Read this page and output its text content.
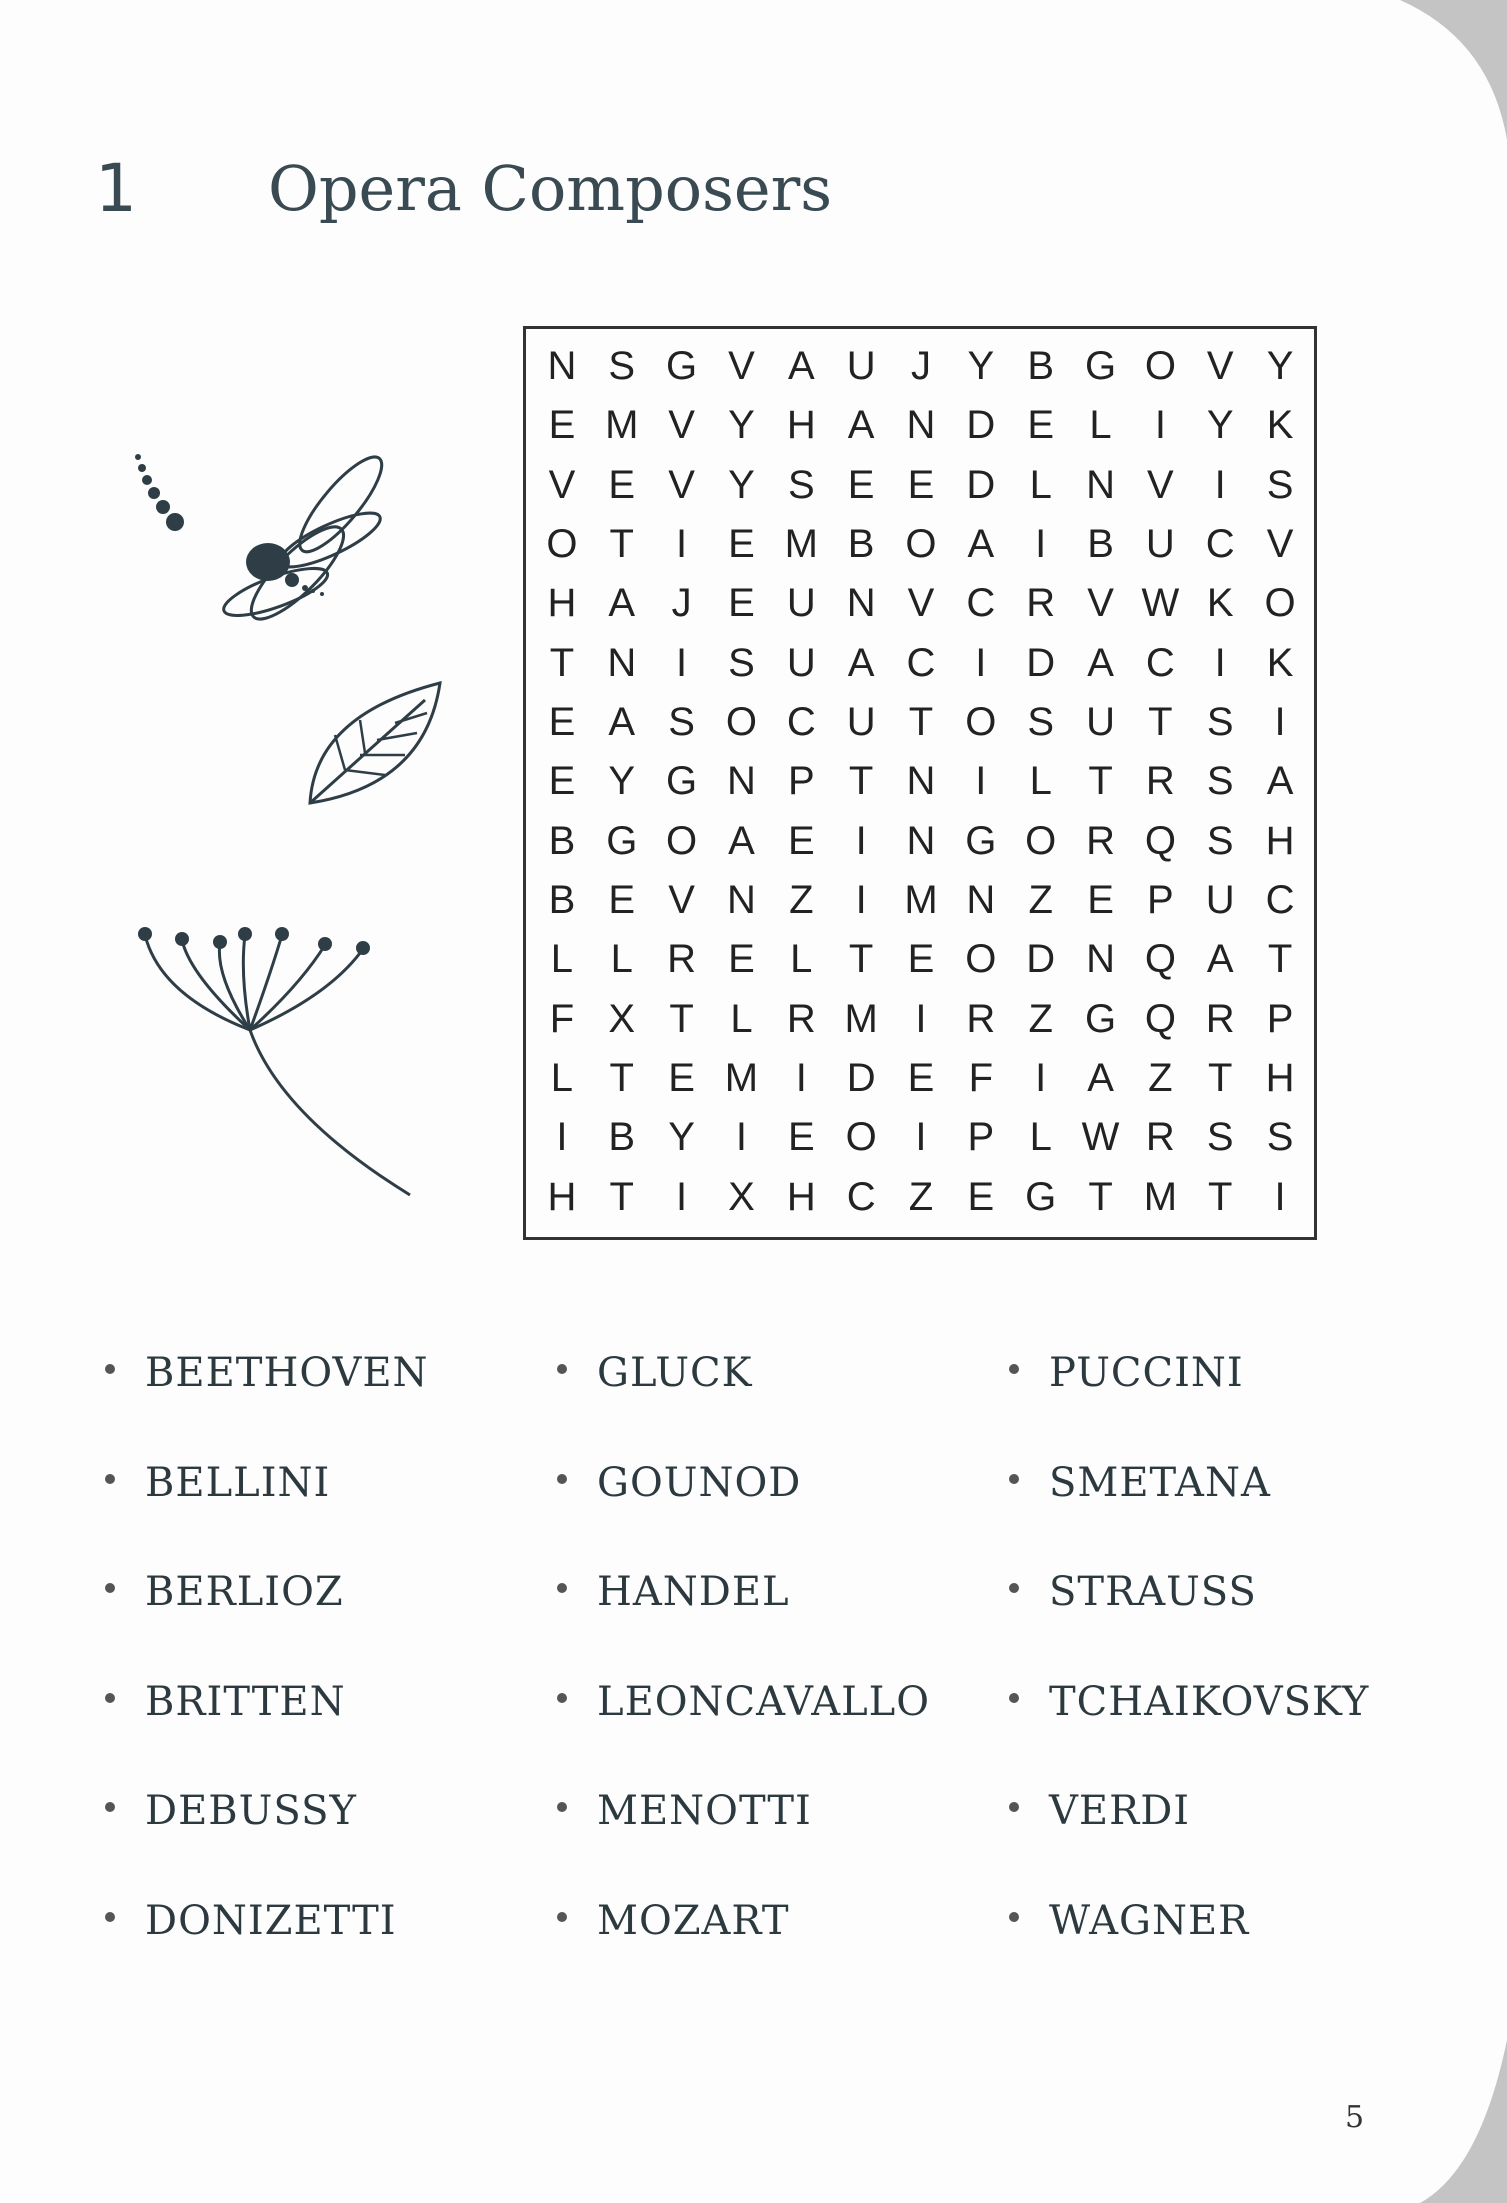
1 Opera Composers
N S G V A U J Y B G O V Y
E M V Y H A N D E L	I	Y K
V E V Y S E E D L N V	I	S
O T	I	E M B O A	I	B U C V
H A J E U N V C R V W K O
T N I	S U A C I D A C I	K
E A S O C U T O S U T S	I
E Y G N P T N I	L T R S A
B G O A E	I N G O R Q S H
B E V N Z	I M N Z E P U C
L L R E L T E O D N Q A T
F X T L R M I R Z G Q R P
L T E M I D E F	I	A Z T H
I	B Y	I	E O I	P L W R S S
H T	I	X H C Z E G T M T	I
BEETHOVEN
BELLINI
BERLIOZ
BRITTEN
DEBUSSY
DONIZETTI
GLUCK
GOUNOD
HANDEL
LEONCAVALLO
MENOTTI
MOZART
PUCCINI
SMETANA
STRAUSS
TCHAIKOVSKY
VERDI
WAGNER
5
